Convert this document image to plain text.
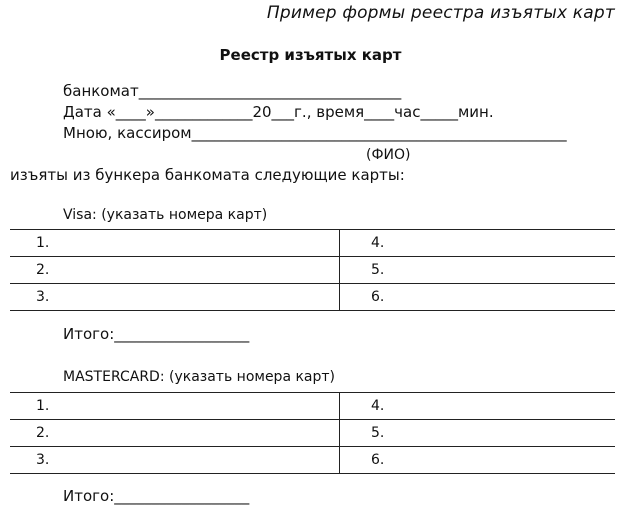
Пример формы реестра изъятых карт
Реестр изъятых карт
банкомат___________________________________
Дата «____»_____________20___г., время____час_____мин.
Мною, кассиром__________________________________________________
(ФИО)
изъяты из бункера банкомата следующие карты:
Visa: (указать номера карт)
1.	4.
2.	5.
3.	6.
Итого:__________________
MASTERCARD: (указать номера карт)
1.	4.
2.	5.
3.	6.
Итого:__________________
